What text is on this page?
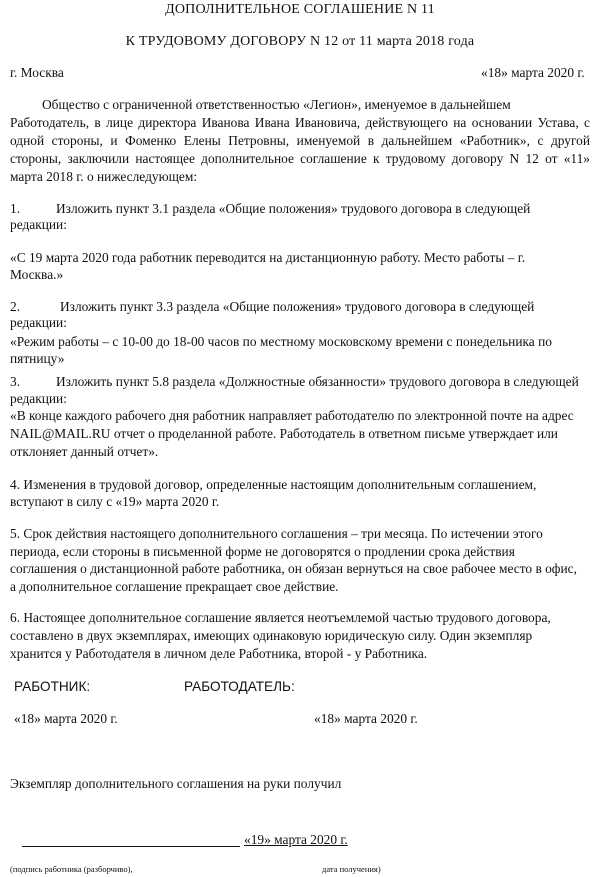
ДОПОЛНИТЕЛЬНОЕ СОГЛАШЕНИЕ N 11
К ТРУДОВОМУ ДОГОВОРУ N 12 от 11 марта 2018 года
г. Москва	«18» марта 2020 г.
Общество с ограниченной ответственностью «Легион», именуемое в дальнейшем
Работодатель, в лице директора Иванова Ивана Ивановича, действующего на основании Устава, с
одной стороны, и Фоменко Елены Петровны, именуемой в дальнейшем «Работник», с другой
стороны, заключили настоящее дополнительное соглашение к трудовому договору N 12 от «11»
марта 2018 г. о нижеследующем:
1.	Изложить пункт 3.1 раздела «Общие положения» трудового договора в следующей
редакции:
«С 19 марта 2020 года работник переводится на дистанционную работу. Место работы – г.
Москва.»
2.	Изложить пункт 3.3 раздела «Общие положения» трудового договора в следующей
редакции:
«Режим работы – с 10-00 до 18-00 часов по местному московскому времени с понедельника по
пятницу»
3.	Изложить пункт 5.8 раздела «Должностные обязанности» трудового договора в следующей
редакции:
«В конце каждого рабочего дня работник направляет работодателю по электронной почте на адрес
NAIL@MAIL.RU отчет о проделанной работе. Работодатель в ответном письме утверждает или
отклоняет данный отчет».
4. Изменения в трудовой договор, определенные настоящим дополнительным соглашением,
вступают в силу с «19» марта 2020 г.
5. Срок действия настоящего дополнительного соглашения – три месяца. По истечении этого
периода, если стороны в письменной форме не договорятся о продлении срока действия
соглашения о дистанционной работе работника, он обязан вернуться на свое рабочее место в офис,
а дополнительное соглашение прекращает свое действие.
6. Настоящее дополнительное соглашение является неотъемлемой частью трудового договора,
составлено в двух экземплярах, имеющих одинаковую юридическую силу. Один экземпляр
хранится у Работодателя в личном деле Работника, второй - у Работника.
РАБОТНИК:	РАБОТОДАТЕЛЬ:
«18» марта 2020 г.	«18» марта 2020 г.
Экземпляр дополнительного соглашения на руки получил
«19» марта 2020 г.
(подпись работника (разборчиво),	дата получения)
